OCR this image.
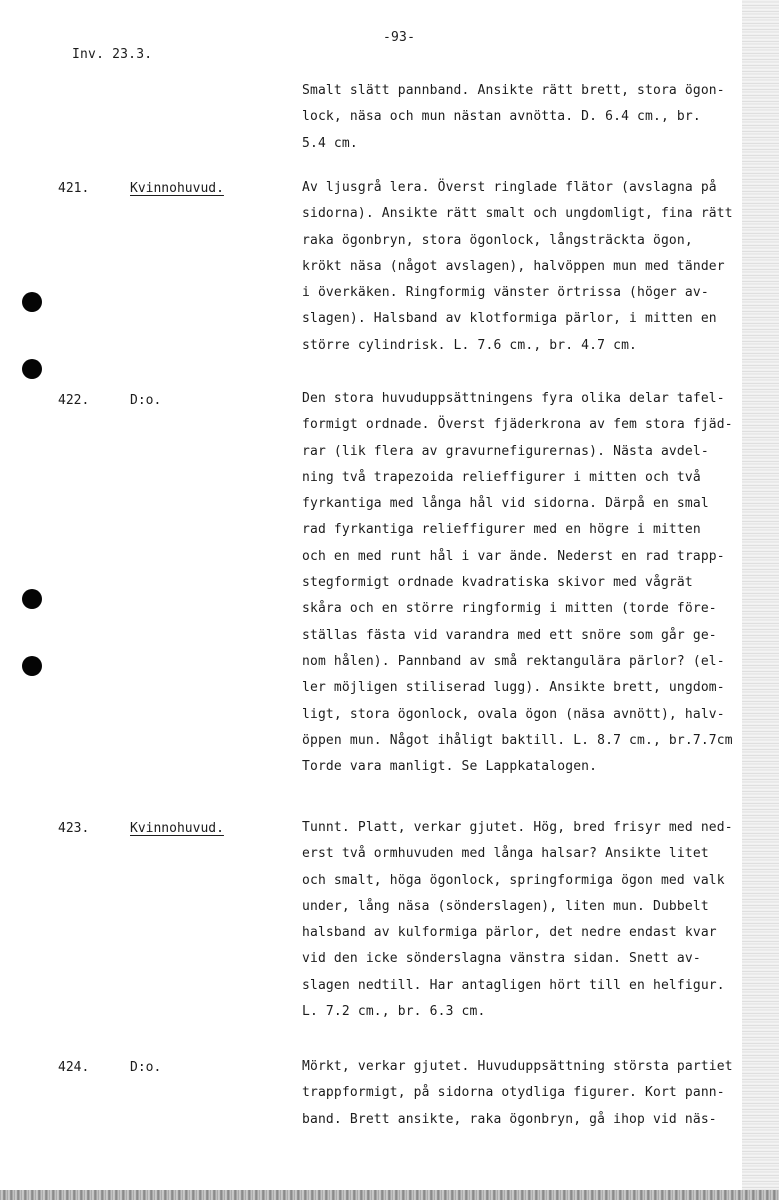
-93-
Inv. 23.3.
Smalt slätt pannband. Ansikte rätt brett, stora ögon-
lock, näsa och mun nästan avnötta. D. 6.4 cm., br.
5.4 cm.
421.	Kvinnohuvud.	Av ljusgrå lera. Överst ringlade flätor (avslagna på
sidorna). Ansikte rätt smalt och ungdomligt, fina rätt
raka ögonbryn, stora ögonlock, långsträckta ögon,
krökt näsa (något avslagen), halvöppen mun med tänder
i överkäken. Ringformig vänster örtrissa (höger av-
slagen). Halsband av klotformiga pärlor, i mitten en
större cylindrisk. L. 7.6 cm., br. 4.7 cm.
422.	D:o.	Den stora huvuduppsättningens fyra olika delar tafel-
formigt ordnade. Överst fjäderkrona av fem stora fjäd-
rar (lik flera av gravurnefigurernas). Nästa avdel-
ning två trapezoida relieffigurer i mitten och två
fyrkantiga med långa hål vid sidorna. Därpå en smal
rad fyrkantiga relieffigurer med en högre i mitten
och en med runt hål i var ände. Nederst en rad trapp-
stegformigt ordnade kvadratiska skivor med vågrät
skåra och en större ringformig i mitten (torde före-
ställas fästa vid varandra med ett snöre som går ge-
nom hålen). Pannband av små rektangulära pärlor? (el-
ler möjligen stiliserad lugg). Ansikte brett, ungdom-
ligt, stora ögonlock, ovala ögon (näsa avnött), halv-
öppen mun. Något ihåligt baktill. L. 8.7 cm., br.7.7cm
Torde vara manligt. Se Lappkatalogen.
423.	Kvinnohuvud.	Tunnt. Platt, verkar gjutet. Hög, bred frisyr med ned-
erst två ormhuvuden med långa halsar? Ansikte litet
och smalt, höga ögonlock, springformiga ögon med valk
under, lång näsa (sönderslagen), liten mun. Dubbelt
halsband av kulformiga pärlor, det nedre endast kvar
vid den icke sönderslagna vänstra sidan. Snett av-
slagen nedtill. Har antagligen hört till en helfigur.
L. 7.2 cm., br. 6.3 cm.
424.	D:o.	Mörkt, verkar gjutet. Huvuduppsättning största partiet
trappformigt, på sidorna otydliga figurer. Kort pann-
band. Brett ansikte, raka ögonbryn, gå ihop vid näs-
